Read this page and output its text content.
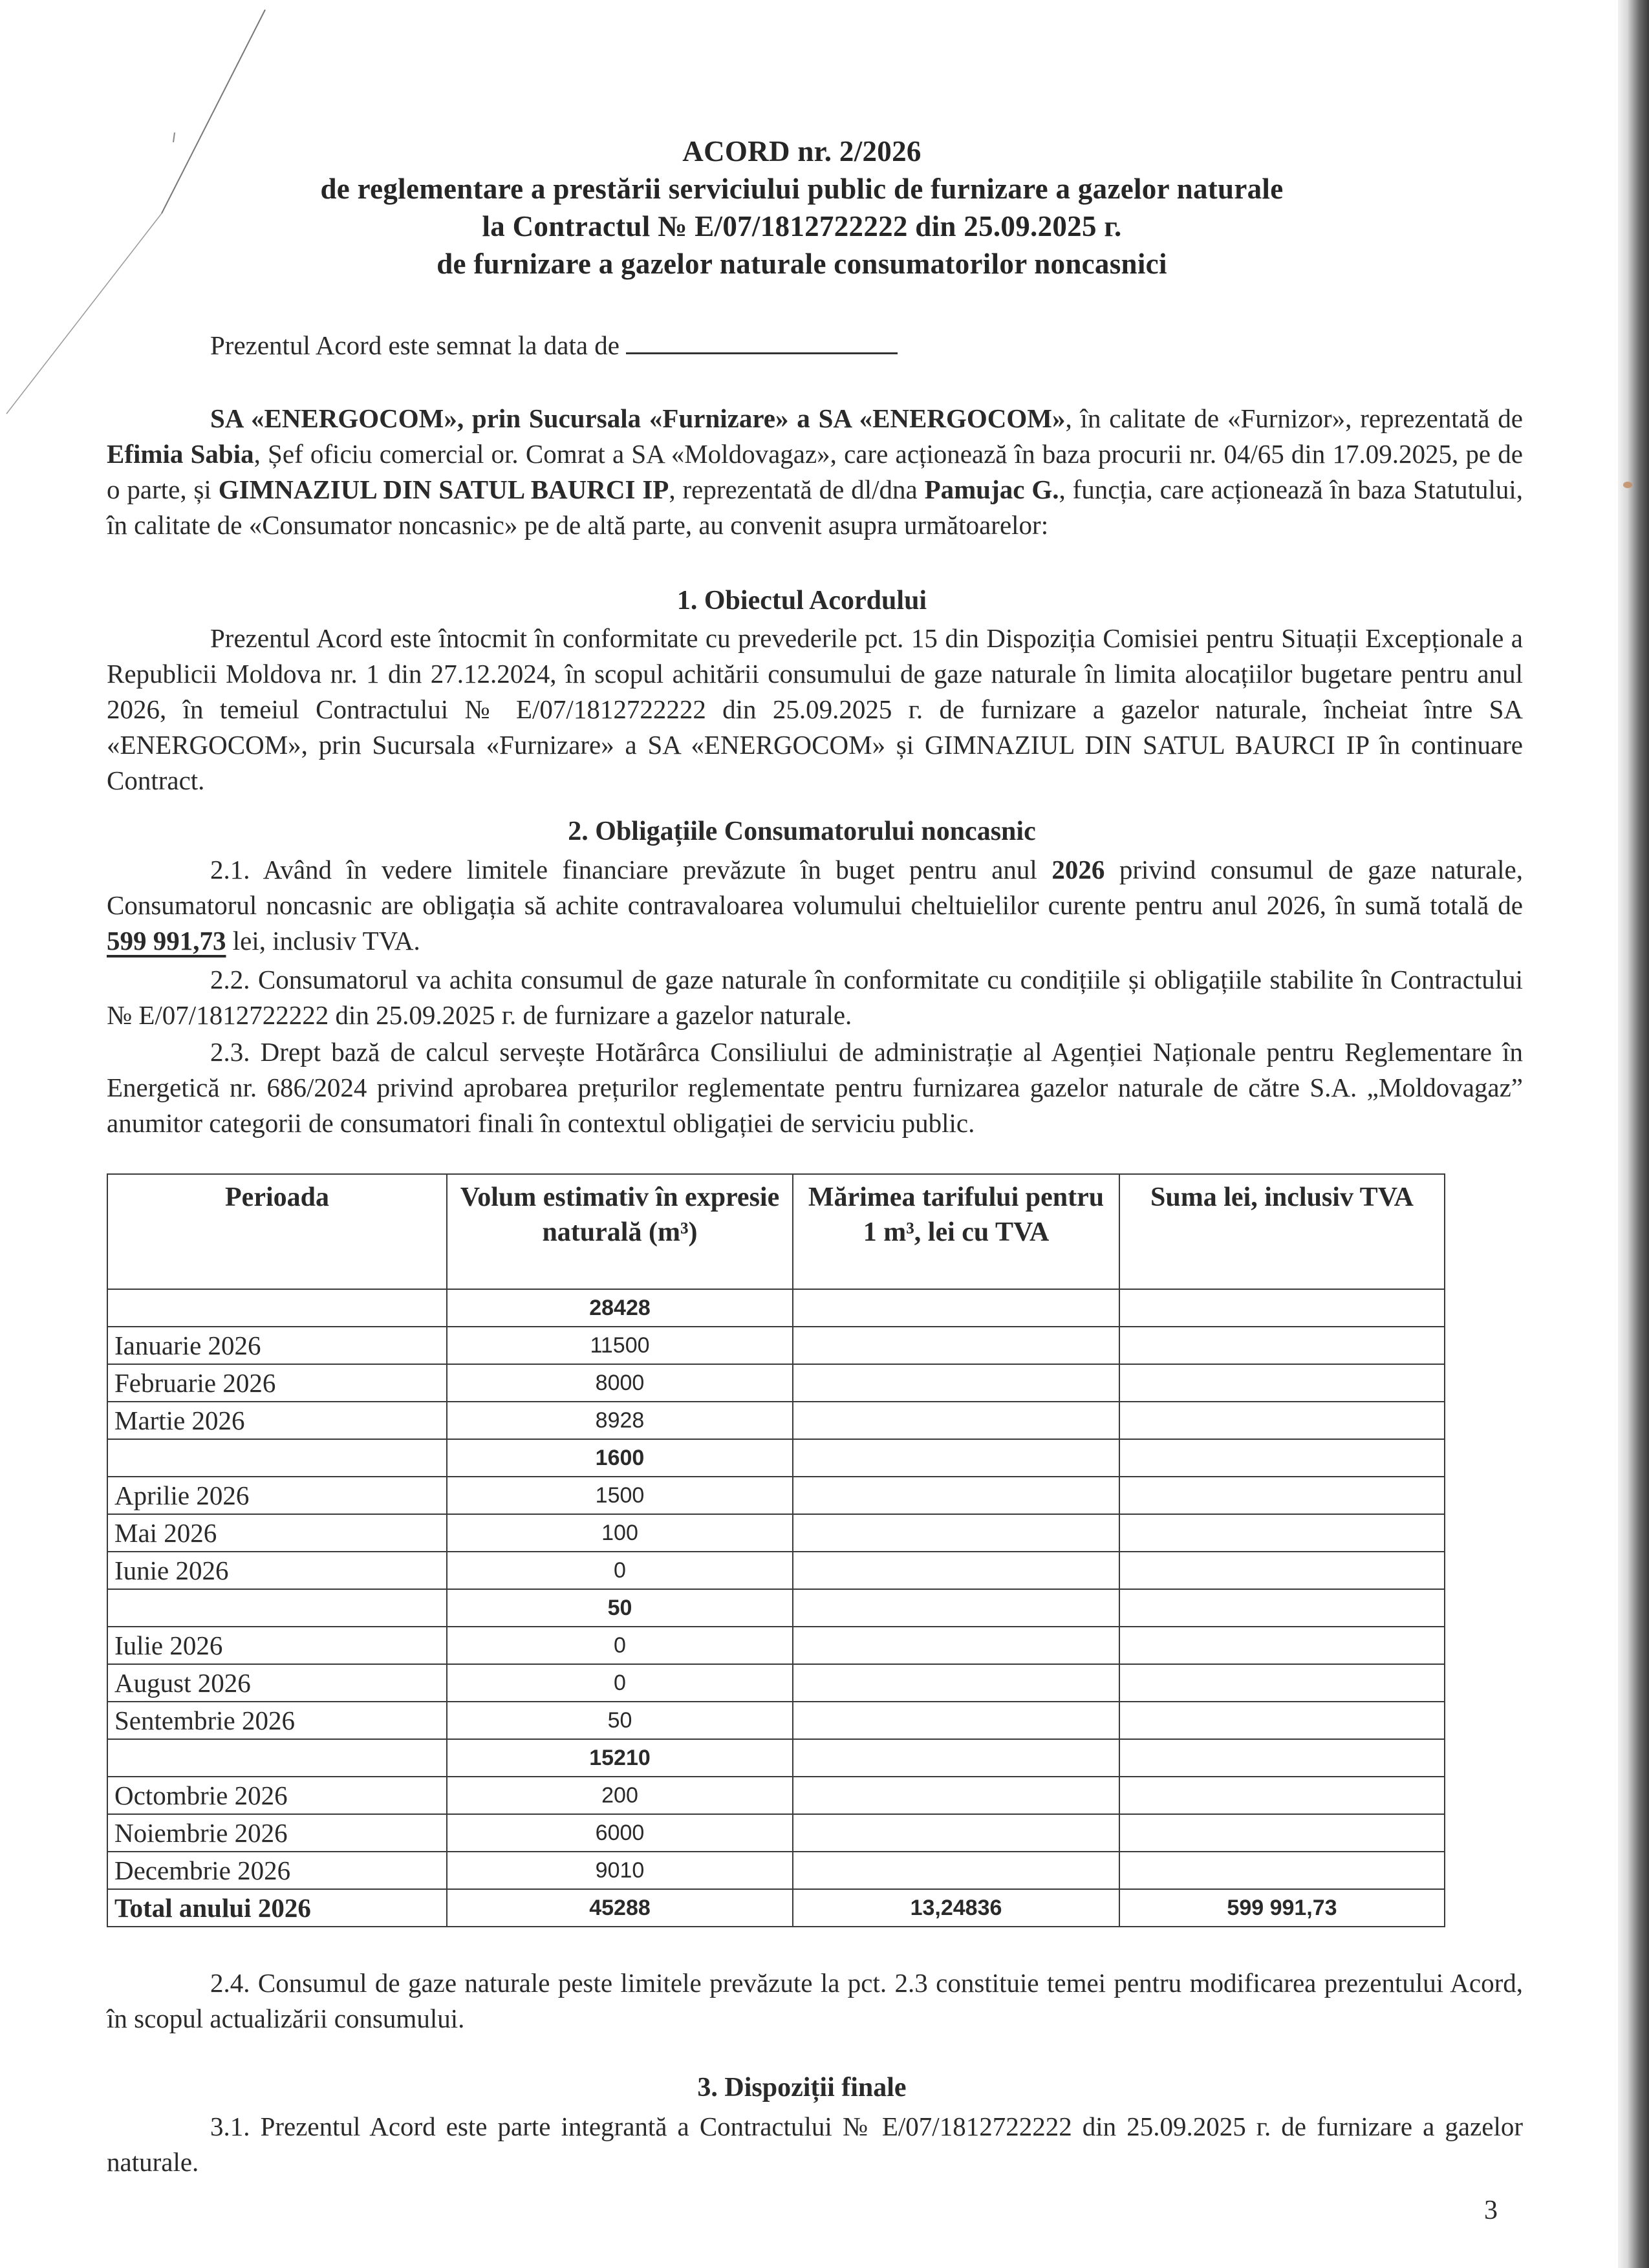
ACORD nr. 2/2026
de reglementare a prestării serviciului public de furnizare a gazelor naturale
la Contractul № E/07/1812722222 din 25.09.2025 г.
de furnizare a gazelor naturale consumatorilor noncasnici
Prezentul Acord este semnat la data de
SA «ENERGOCOM», prin Sucursala «Furnizare» a SA «ENERGOCOM», în calitate de «Furnizor», reprezentată de Efimia Sabia, Șef oficiu comercial or. Comrat a SA «Moldovagaz», care acționează în baza procurii nr. 04/65 din 17.09.2025, pe de o parte, și GIMNAZIUL DIN SATUL BAURCI IP, reprezentată de dl/dna Pamujac G., funcția, care acționează în baza Statutului, în calitate de «Consumator noncasnic» pe de altă parte, au convenit asupra următoarelor:
1. Obiectul Acordului
Prezentul Acord este întocmit în conformitate cu prevederile pct. 15 din Dispoziția Comisiei pentru Situații Excepționale a Republicii Moldova nr. 1 din 27.12.2024, în scopul achitării consumului de gaze naturale în limita alocațiilor bugetare pentru anul 2026, în temeiul Contractului № E/07/1812722222 din 25.09.2025 г. de furnizare a gazelor naturale, încheiat între SA «ENERGOCOM», prin Sucursala «Furnizare» a SA «ENERGOCOM» și GIMNAZIUL DIN SATUL BAURCI IP în continuare Contract.
2. Obligațiile Consumatorului noncasnic
2.1. Având în vedere limitele financiare prevăzute în buget pentru anul 2026 privind consumul de gaze naturale, Consumatorul noncasnic are obligația să achite contravaloarea volumului cheltuielilor curente pentru anul 2026, în sumă totală de 599 991,73 lei, inclusiv TVA.
2.2. Consumatorul va achita consumul de gaze naturale în conformitate cu condițiile și obligațiile stabilite în Contractului № E/07/1812722222 din 25.09.2025 г. de furnizare a gazelor naturale.
2.3. Drept bază de calcul servește Hotărârca Consiliului de administrație al Agenției Naționale pentru Reglementare în Energetică nr. 686/2024 privind aprobarea prețurilor reglementate pentru furnizarea gazelor naturale de către S.A. „Moldovagaz” anumitor categorii de consumatori finali în contextul obligației de serviciu public.
Perioada	Volum estimativ în expresie naturală (m³)	Mărimea tarifului pentru 1 m³, lei cu TVA	Suma lei, inclusiv TVA
	28428		
Ianuarie 2026	11500		
Februarie 2026	8000		
Martie 2026	8928		
	1600		
Aprilie 2026	1500		
Mai 2026	100		
Iunie 2026	0		
	50		
Iulie 2026	0		
August 2026	0		
Sentembrie 2026	50		
	15210		
Octombrie 2026	200		
Noiembrie 2026	6000		
Decembrie 2026	9010		
Total anului 2026	45288	13,24836	599 991,73
2.4. Consumul de gaze naturale peste limitele prevăzute la pct. 2.3 constituie temei pentru modificarea prezentului Acord, în scopul actualizării consumului.
3. Dispoziții finale
3.1. Prezentul Acord este parte integrantă a Contractului № E/07/1812722222 din 25.09.2025 г. de furnizare a gazelor naturale.
3
